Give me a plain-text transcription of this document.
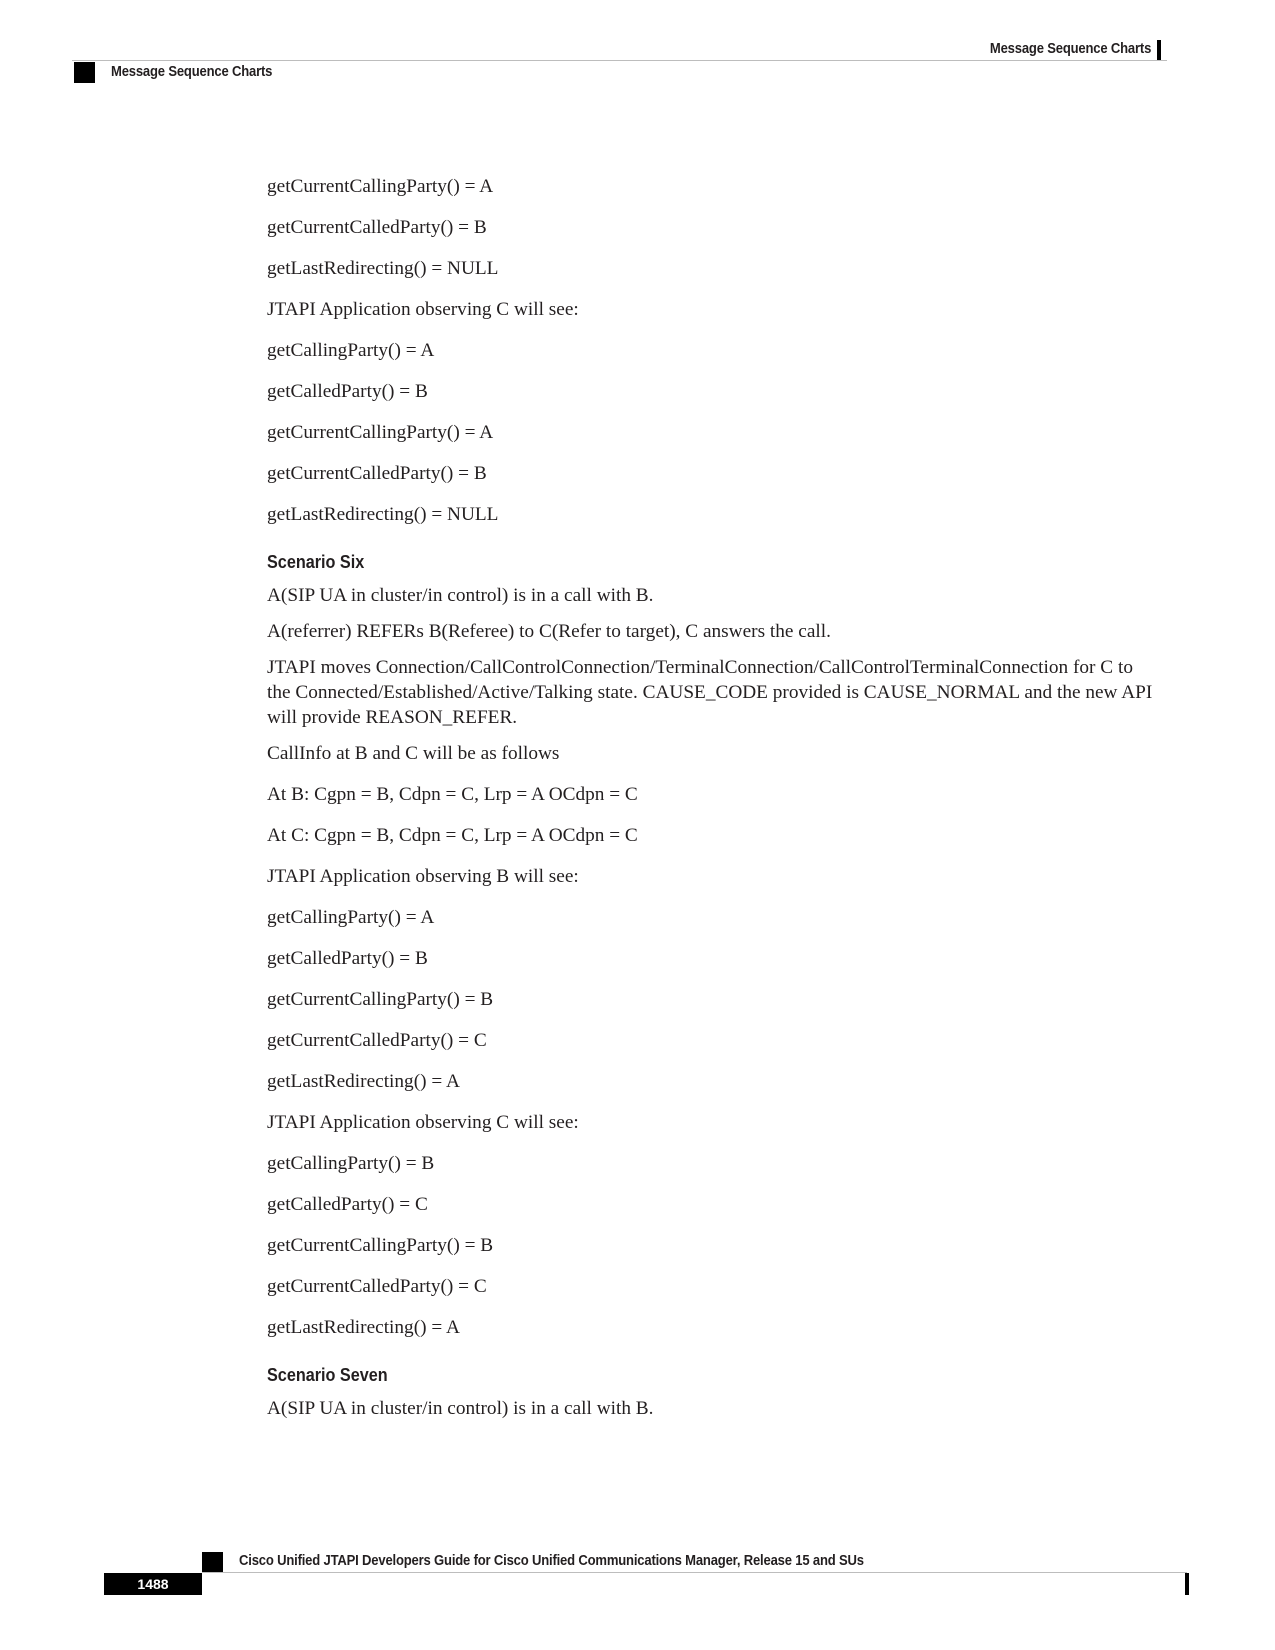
Message Sequence Charts
Message Sequence Charts

getCurrentCallingParty() = A

getCurrentCalledParty() = B

getLastRedirecting() = NULL

JTAPI Application observing C will see:

getCallingParty() = A

getCalledParty() = B

getCurrentCallingParty() = A

getCurrentCalledParty() = B

getLastRedirecting() = NULL

Scenario Six

A(SIP UA in cluster/in control) is in a call with B.

A(referrer) REFERs B(Referee) to C(Refer to target), C answers the call.

JTAPI moves Connection/CallControlConnection/TerminalConnection/CallControlTerminalConnection for C to the Connected/Established/Active/Talking state. CAUSE_CODE provided is CAUSE_NORMAL and the new API will provide REASON_REFER.

CallInfo at B and C will be as follows

At B: Cgpn = B, Cdpn = C, Lrp = A OCdpn = C

At C: Cgpn = B, Cdpn = C, Lrp = A OCdpn = C

JTAPI Application observing B will see:

getCallingParty() = A

getCalledParty() = B

getCurrentCallingParty() = B

getCurrentCalledParty() = C

getLastRedirecting() = A

JTAPI Application observing C will see:

getCallingParty() = B

getCalledParty() = C

getCurrentCallingParty() = B

getCurrentCalledParty() = C

getLastRedirecting() = A

Scenario Seven

A(SIP UA in cluster/in control) is in a call with B.

Cisco Unified JTAPI Developers Guide for Cisco Unified Communications Manager, Release 15 and SUs
1488
